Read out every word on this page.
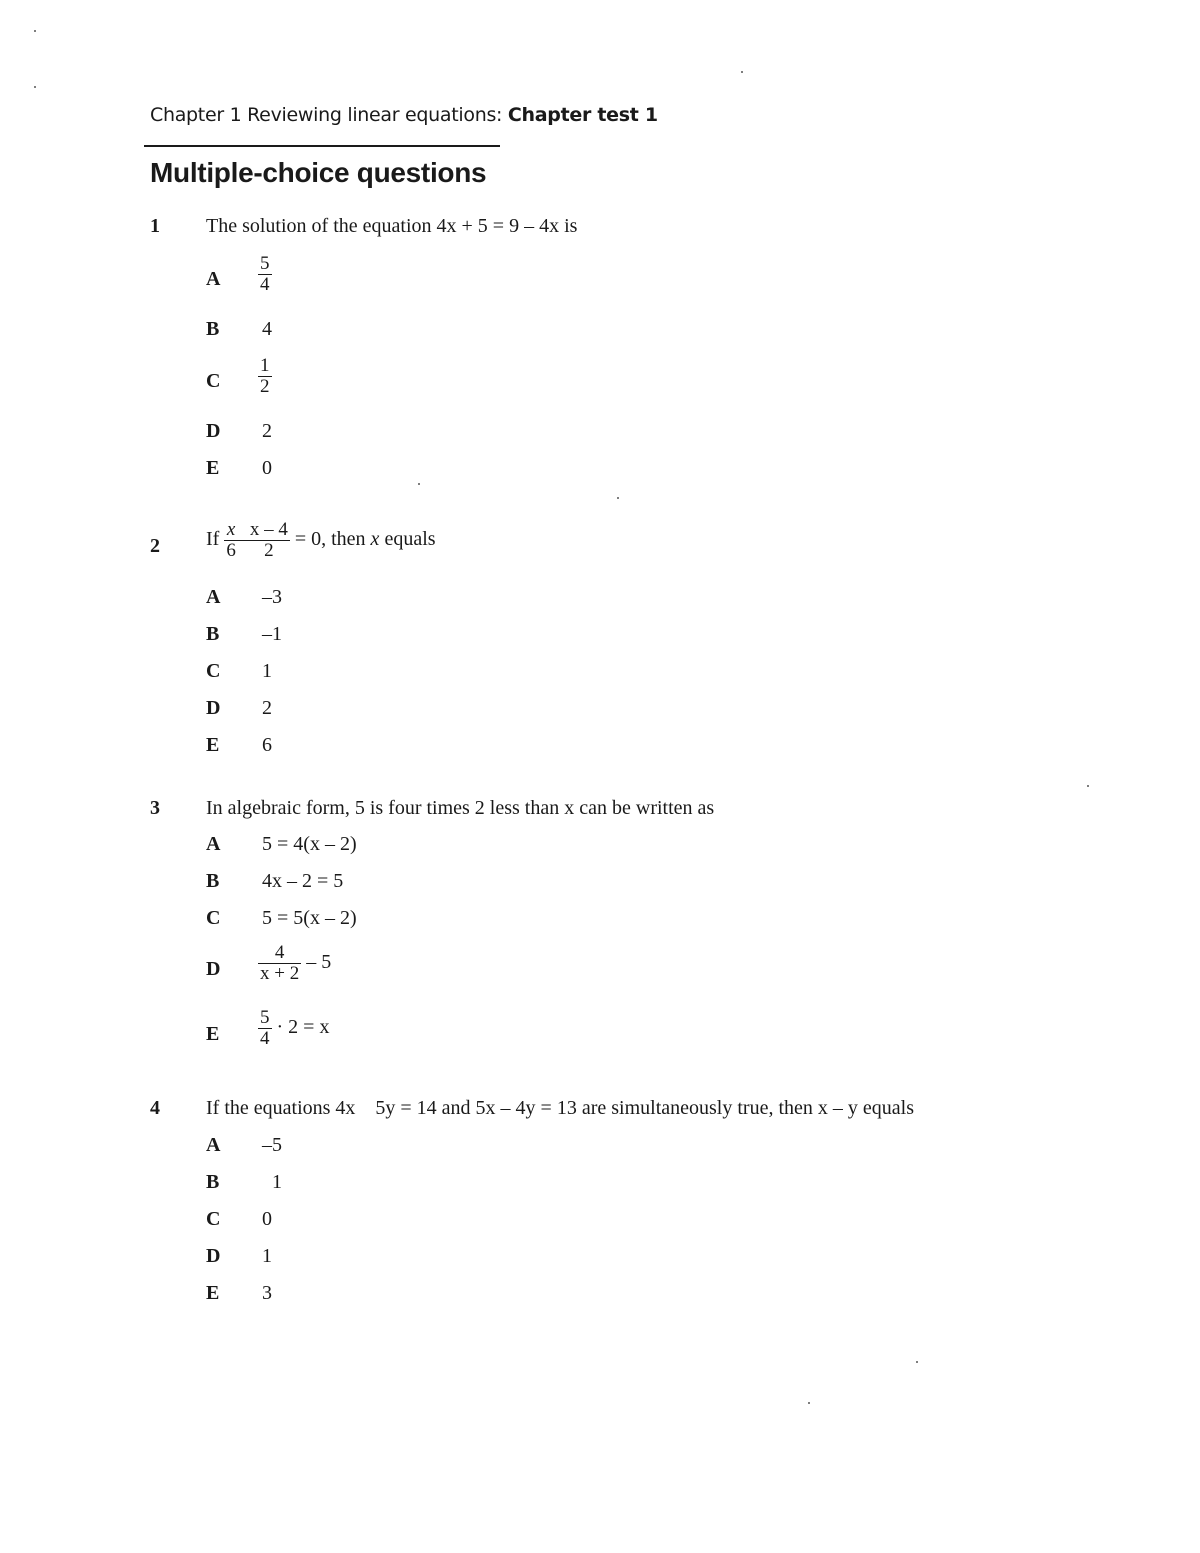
Chapter 1 Reviewing linear equations: Chapter test 1
Multiple-choice questions
1 The solution of the equation 4x + 5 = 9 – 4x is
A $\frac{5}{4}$
B 4
C $\frac{1}{2}$
D 2
E 0
2 If $\frac{x}{6} - \frac{x - 4}{2} = 0$, then x equals
A –3
B –1
C 1
D 2
E 6
3 In algebraic form, 5 is four times 2 less than x can be written as
A 5 = 4(x – 2)
B 4x – 2 = 5
C 5 = 5(x – 2)
D $\frac{4}{x + 2} - 5$
E $\frac{5}{4} \cdot 2 = x$
4 If the equations 4x    5y = 14 and 5x – 4y = 13 are simultaneously true, then x – y equals
A –5
B	1
C 0
D 1
E 3
